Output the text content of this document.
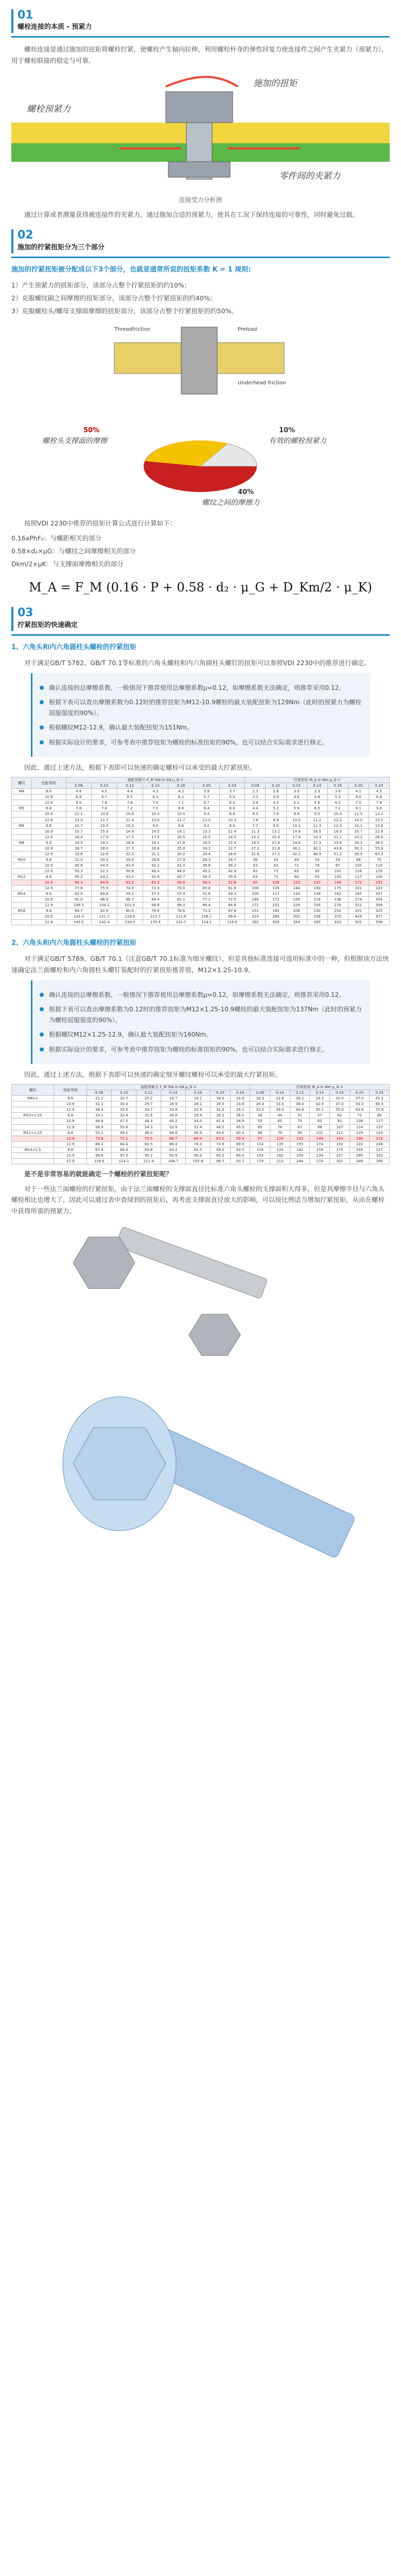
01
螺栓连接的本质 - 预紧力

螺栓连接是通过施加的扭矩将螺栓拧紧，使螺栓产生轴向拉伸，利用螺栓杆身的弹性回复力使连接件之间产生夹紧力（预紧力），用于螺栓联接的稳定与可靠。

螺栓预紧力
施加的扭矩
零件间的夹紧力
连接受力分析图

通过计算或者测量获得被连接件的夹紧力，通过施加合适的预紧力，使其在工况下保持连接的可靠性，同时避免过载。

02
施加的拧紧扭矩分为三个部分
施加的拧紧扭矩被分配成以下3个部分，也就是通常所说的扭矩系数 K = 1 规则:

1）产生预紧力的扭矩部分，该部分占整个拧紧扭矩的约10%；

2）克服螺纹副之间摩擦的扭矩部分，该部分占整个拧紧扭矩的约40%；

3）克服螺栓头/螺母支撑面摩擦的扭矩部分，该部分占整个拧紧扭矩的约50%。

Threadfriction	Preload
Underhead friction
50%
螺栓头支撑面的摩擦
10%
有效的螺栓预紧力
40%
螺纹之间的摩擦力

按照VDI 2230中推荐的扭矩计算公式进行计算如下：

0.16xPhF₀：与螺距相关的部分

0.58×d₂×μG：与螺纹之间摩擦相关的部分

Dkm/2×μK：与支撑面摩擦相关的部分

M_A = F_M (0.16 · P + 0.58 · d₂ · μ_G + D_Km/2 · μ_K)
03
拧紧扭矩的快速确定
1、六角头和内六角圆柱头螺栓的拧紧扭矩

对于满足GB/T 5782、GB/T 70.1等标准的六角头螺栓和内六角圆柱头螺钉的扭矩可以参照VDI 2230中的推荐进行确定。

确认连接的总摩擦系数，一般情况下推荐使用总摩擦系数μ=0.12，如摩擦系数无法确定，则推荐采用0.12。
根据下表可以查出摩擦系数为0.12时的推荐扭矩为M12-10.9螺栓的最大装配扭矩为129Nm（此时的预紧力为螺栓屈服强度的90%）。
根据螺纹M12-12.9，确认最大装配扭矩为151Nm。
根据实际设计的要求，可参考表中推荐扭矩为螺栓的标准扭矩的90%，也可以结合实际需求进行修正。

因此，通过上述方法，根据下表即可以快速的确定螺栓可以承受的最大拧紧扭矩。

螺纹	性能等级	装配预紧力 F_M Tab in kN μ_G =							拧紧扭矩 M_A in Nm μ_G =						
		0.08	0.10	0.12	0.14	0.16	0.20	0.24	0.08	0.10	0.12	0.14	0.16	0.20	0.24
M4	8.8	4.6	4.5	4.4	4.3	4.2	3.9	3.7	2.3	2.6	3.0	3.3	3.6	4.1	4.5
	10.9	6.8	6.7	6.5	6.3	6.1	5.7	5.4	3.3	3.9	4.6	4.8	5.3	6.0	6.6
	12.9	8.0	7.8	7.6	7.4	7.1	6.7	6.3	3.9	4.5	5.1	5.6	6.2	7.0	7.8
M5	8.8	7.6	7.4	7.2	7.0	6.8	6.4	6.0	4.4	5.2	5.9	6.5	7.1	8.1	9.0
	10.9	11.1	10.8	10.6	10.3	10.0	9.4	8.8	6.5	7.6	8.6	9.5	10.4	11.9	13.2
	12.9	13.0	12.7	12.4	12.0	11.7	11.0	10.3	7.6	8.9	10.0	11.2	12.2	14.0	15.5
M6	8.8	10.7	10.4	10.2	9.9	9.6	9.0	8.4	7.7	9.0	10.1	11.3	12.3	14.1	15.6
	10.9	15.7	15.3	14.9	14.5	14.1	13.2	12.4	11.3	13.2	14.9	16.5	18.0	20.7	22.9
	12.9	18.4	17.9	17.5	17.0	16.5	15.5	14.5	13.2	15.4	17.4	19.3	21.1	24.2	26.8
M8	8.8	19.5	19.1	18.6	18.1	17.6	16.5	15.5	18.5	21.6	24.6	27.3	29.8	34.3	38.0
	10.9	28.7	28.0	27.3	26.6	25.8	24.3	22.7	27.2	31.8	36.1	40.1	43.8	50.3	55.8
	12.9	33.6	32.8	32.0	31.1	30.2	28.4	26.6	31.8	37.2	42.2	46.9	51.2	58.9	65.3
M10	8.8	31.0	30.3	29.6	28.8	27.9	26.3	24.7	36	43	48	54	59	68	75
	10.9	45.6	44.5	43.4	42.2	41.0	38.6	36.2	53	63	71	79	87	100	110
	12.9	53.3	52.1	50.8	49.4	48.0	45.2	42.4	62	73	83	93	101	116	129
M12	8.8	45.2	44.1	43.0	41.9	40.7	38.3	35.9	63	73	84	93	102	117	130
	10.9	66.3	64.8	63.2	61.5	59.8	56.3	52.8	92	108	123	137	149	172	191
	12.9	77.6	75.9	74.0	72.0	70.0	65.8	61.8	108	126	144	160	175	201	223
M14	8.8	62.0	60.6	59.1	57.5	55.9	52.6	49.3	100	117	133	148	162	187	207
	10.9	91.0	88.9	86.7	84.4	82.1	77.2	72.5	146	172	195	218	238	274	304
	12.9	106.5	104.1	101.5	98.8	96.0	90.4	84.8	171	201	229	255	279	321	356
M16	8.8	84.7	82.9	80.9	78.8	76.6	72.2	67.8	153	180	206	230	252	291	325
	10.9	124.4	121.7	118.8	115.7	112.6	106.1	99.6	224	264	302	338	370	428	477
	12.9	145.5	142.4	139.0	135.4	131.7	124.1	116.6	262	309	354	395	433	501	558
2、六角头和内六角圆柱头螺栓的拧紧扭矩

对于满足GB/T 5789、GB/T 70.1（注意GB/T 70.1标准为细牙螺纹）、但是其他标准连接可选用标准中的一种，但根据该方法快速确定法兰面螺栓和内六角圆柱头螺钉装配时的拧紧扭矩推荐值，M12×1.25-10.9。

确认连接的总摩擦系数，一般情况下推荐使用总摩擦系数μ=0.12，如摩擦系数无法确定，则推荐采用0.12。
根据下表可以查出摩擦系数为0.12时的推荐扭矩为M12×1.25-10.9螺栓的最大装配扭矩为137Nm（此时的预紧力为螺栓屈服强度的90%）。
根据螺纹M12×1.25-12.9，确认最大装配扭矩为160Nm。
根据实际设计的要求，可参考表中推荐扭矩为螺栓的标准扭矩的90%，也可以结合实际需求进行修正。

因此，通过上述方法，根据下表即可以快速的确定细牙螺纹螺栓可以承受的最大拧紧扭矩。

螺纹	性能等级	装配预紧力 F_M Tab in kN μ_G =							拧紧扭矩 M_A in Nm μ_G =						
		0.08	0.10	0.12	0.14	0.16	0.20	0.24	0.08	0.10	0.12	0.14	0.16	0.20	0.24
M8×1	8.8	21.2	20.7	20.2	19.7	19.1	18.0	16.9	19.3	22.8	26.1	29.2	32.0	37.0	41.2
	10.9	31.1	30.4	29.7	28.9	28.1	26.5	24.8	28.4	33.5	38.3	42.8	47.0	54.3	60.5
	12.9	36.4	35.6	34.7	33.8	32.9	31.0	29.1	33.2	39.2	44.9	50.1	55.0	63.6	70.8
M10×1.25	8.8	33.1	32.4	31.6	30.8	29.9	28.2	26.5	38	44	51	57	62	72	80
	10.9	48.6	47.5	46.4	45.2	44.0	41.4	38.9	55	65	75	83	91	106	117
	12.9	56.9	55.6	54.3	52.9	51.4	48.5	45.5	65	76	87	98	107	124	137
M12×1.25	8.8	50.1	49.1	48.0	46.8	45.6	43.0	40.4	66	79	90	101	111	129	143
	10.9	73.6	72.1	70.5	68.7	66.9	63.2	59.4	97	116	133	149	164	190	212
	12.9	86.2	84.4	82.5	80.4	78.3	73.9	69.5	114	135	155	174	192	222	248
M14×1.5	8.8	67.8	66.4	64.8	63.2	61.5	58.0	54.5	104	124	142	159	175	203	227
	10.9	99.6	97.5	95.2	92.9	90.4	85.2	80.0	153	182	209	234	257	299	333
	12.9	116.5	114.1	111.4	108.7	105.8	99.7	93.7	179	213	244	274	301	349	390

是不是非常容易的就能确定一个螺栓的拧紧扭矩呢？

对于一些法兰面螺栓的拧紧扭矩，由于法兰面螺栓的支撑面直径比标准六角头螺栓的支撑面积大得多，但是其摩擦半径与六角头螺栓相比也增大了，因此可以通过表中查阅到的扭矩后，再考虑支撑面直径放大的影响，可以按比例适当增加拧紧扭矩，从而在螺栓中获得所需的预紧力。
